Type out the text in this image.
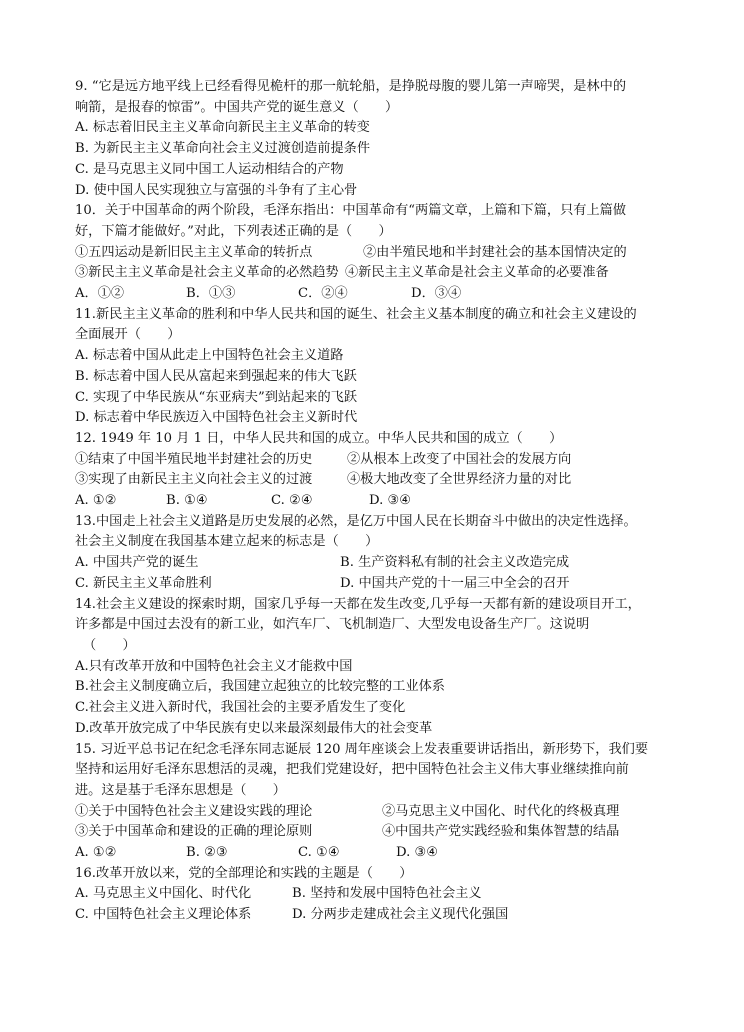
9. “它是远方地平线上已经看得见桅杆的那一航轮船，是挣脱母腹的婴儿第一声啼哭，是林中的
响箭，是报春的惊雷”。中国共产党的诞生意义（　　）
A. 标志着旧民主主义革命向新民主主义革命的转变
B. 为新民主主义革命向社会主义过渡创造前提条件
C. 是马克思主义同中国工人运动相结合的产物
D. 使中国人民实现独立与富强的斗争有了主心骨
10．关于中国革命的两个阶段，毛泽东指出：中国革命有“两篇文章，上篇和下篇，只有上篇做
好，下篇才能做好。”对此，下列表述正确的是（　　）
①五四运动是新旧民主主义革命的转折点	②由半殖民地和半封建社会的基本国情决定的
③新民主主义革命是社会主义革命的必然趋势 ④新民主主义革命是社会主义革命的必要准备
A．①②	B．①③	C．②④	D．③④
11.新民主主义革命的胜利和中华人民共和国的诞生、社会主义基本制度的确立和社会主义建设的
全面展开（　　）
A. 标志着中国从此走上中国特色社会主义道路
B. 标志着中国人民从富起来到强起来的伟大飞跃
C. 实现了中华民族从“东亚病夫”到站起来的飞跃
D. 标志着中华民族迈入中国特色社会主义新时代
12. 1949 年 10 月 1 日，中华人民共和国的成立。中华人民共和国的成立（　　）
①结束了中国半殖民地半封建社会的历史	②从根本上改变了中国社会的发展方向
③实现了由新民主主义向社会主义的过渡	④极大地改变了全世界经济力量的对比
A. ①②	B. ①④	C. ②④	D. ③④
13.中国走上社会主义道路是历史发展的必然，是亿万中国人民在长期奋斗中做出的决定性选择。
社会主义制度在我国基本建立起来的标志是（　　）
A. 中国共产党的诞生	B. 生产资料私有制的社会主义改造完成
C. 新民主主义革命胜利	D. 中国共产党的十一届三中全会的召开
14.社会主义建设的探索时期，国家几乎每一天都在发生改变,几乎每一天都有新的建设项目开工，
许多都是中国过去没有的新工业，如汽车厂、飞机制造厂、大型发电设备生产厂。这说明
（　　）
A.只有改革开放和中国特色社会主义才能救中国
B.社会主义制度确立后，我国建立起独立的比较完整的工业体系
C.社会主义进入新时代，我国社会的主要矛盾发生了变化
D.改革开放完成了中华民族有史以来最深刻最伟大的社会变革
15. 习近平总书记在纪念毛泽东同志诞辰 120 周年座谈会上发表重要讲话指出，新形势下，我们要
坚持和运用好毛泽东思想活的灵魂，把我们党建设好，把中国特色社会主义伟大事业继续推向前
进。这是基于毛泽东思想是（　　）
①关于中国特色社会主义建设实践的理论	②马克思主义中国化、时代化的终极真理
③关于中国革命和建设的正确的理论原则	④中国共产党实践经验和集体智慧的结晶
A. ①②	B. ②③	C. ①④	D. ③④
16.改革开放以来，党的全部理论和实践的主题是（　　）
A. 马克思主义中国化、时代化	B. 坚持和发展中国特色社会主义
C. 中国特色社会主义理论体系	D. 分两步走建成社会主义现代化强国
